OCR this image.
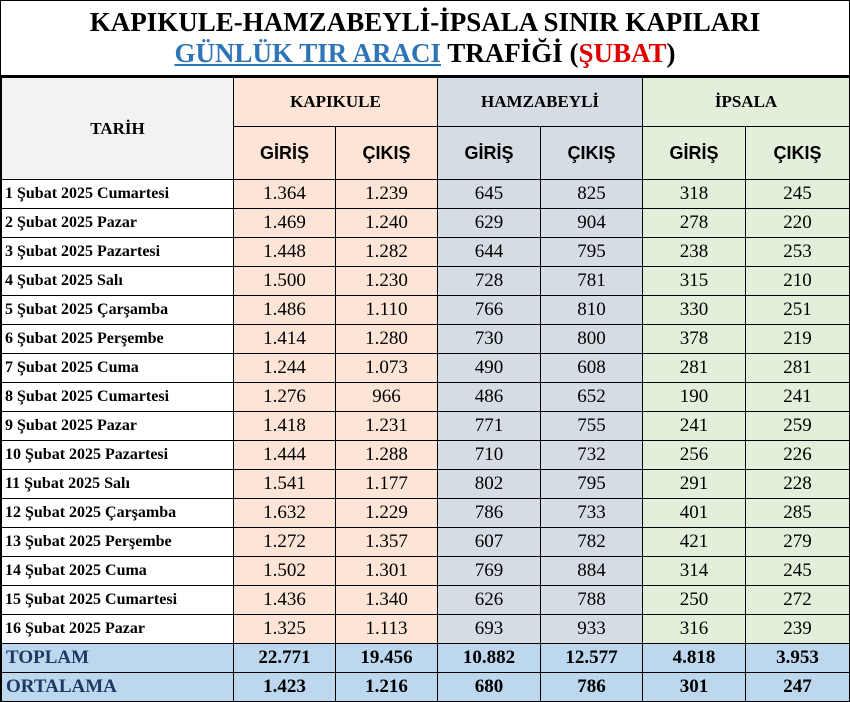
KAPIKULE-HAMZABEYLİ-İPSALA SINIR KAPILARI
GÜNLÜK TIR ARACI TRAFİĞİ (ŞUBAT)
TARİH	KAPIKULE		HAMZABEYLİ		İPSALA	
	GİRİŞ	ÇIKIŞ	GİRİŞ	ÇIKIŞ	GİRİŞ	ÇIKIŞ
1 Şubat 2025 Cumartesi	1.364	1.239	645	825	318	245
2 Şubat 2025 Pazar	1.469	1.240	629	904	278	220
3 Şubat 2025 Pazartesi	1.448	1.282	644	795	238	253
4 Şubat 2025 Salı	1.500	1.230	728	781	315	210
5 Şubat 2025 Çarşamba	1.486	1.110	766	810	330	251
6 Şubat 2025 Perşembe	1.414	1.280	730	800	378	219
7 Şubat 2025 Cuma	1.244	1.073	490	608	281	281
8 Şubat 2025 Cumartesi	1.276	966	486	652	190	241
9 Şubat 2025 Pazar	1.418	1.231	771	755	241	259
10 Şubat 2025 Pazartesi	1.444	1.288	710	732	256	226
11 Şubat 2025 Salı	1.541	1.177	802	795	291	228
12 Şubat 2025 Çarşamba	1.632	1.229	786	733	401	285
13 Şubat 2025 Perşembe	1.272	1.357	607	782	421	279
14 Şubat 2025 Cuma	1.502	1.301	769	884	314	245
15 Şubat 2025 Cumartesi	1.436	1.340	626	788	250	272
16 Şubat 2025 Pazar	1.325	1.113	693	933	316	239
TOPLAM	22.771	19.456	10.882	12.577	4.818	3.953
ORTALAMA	1.423	1.216	680	786	301	247
